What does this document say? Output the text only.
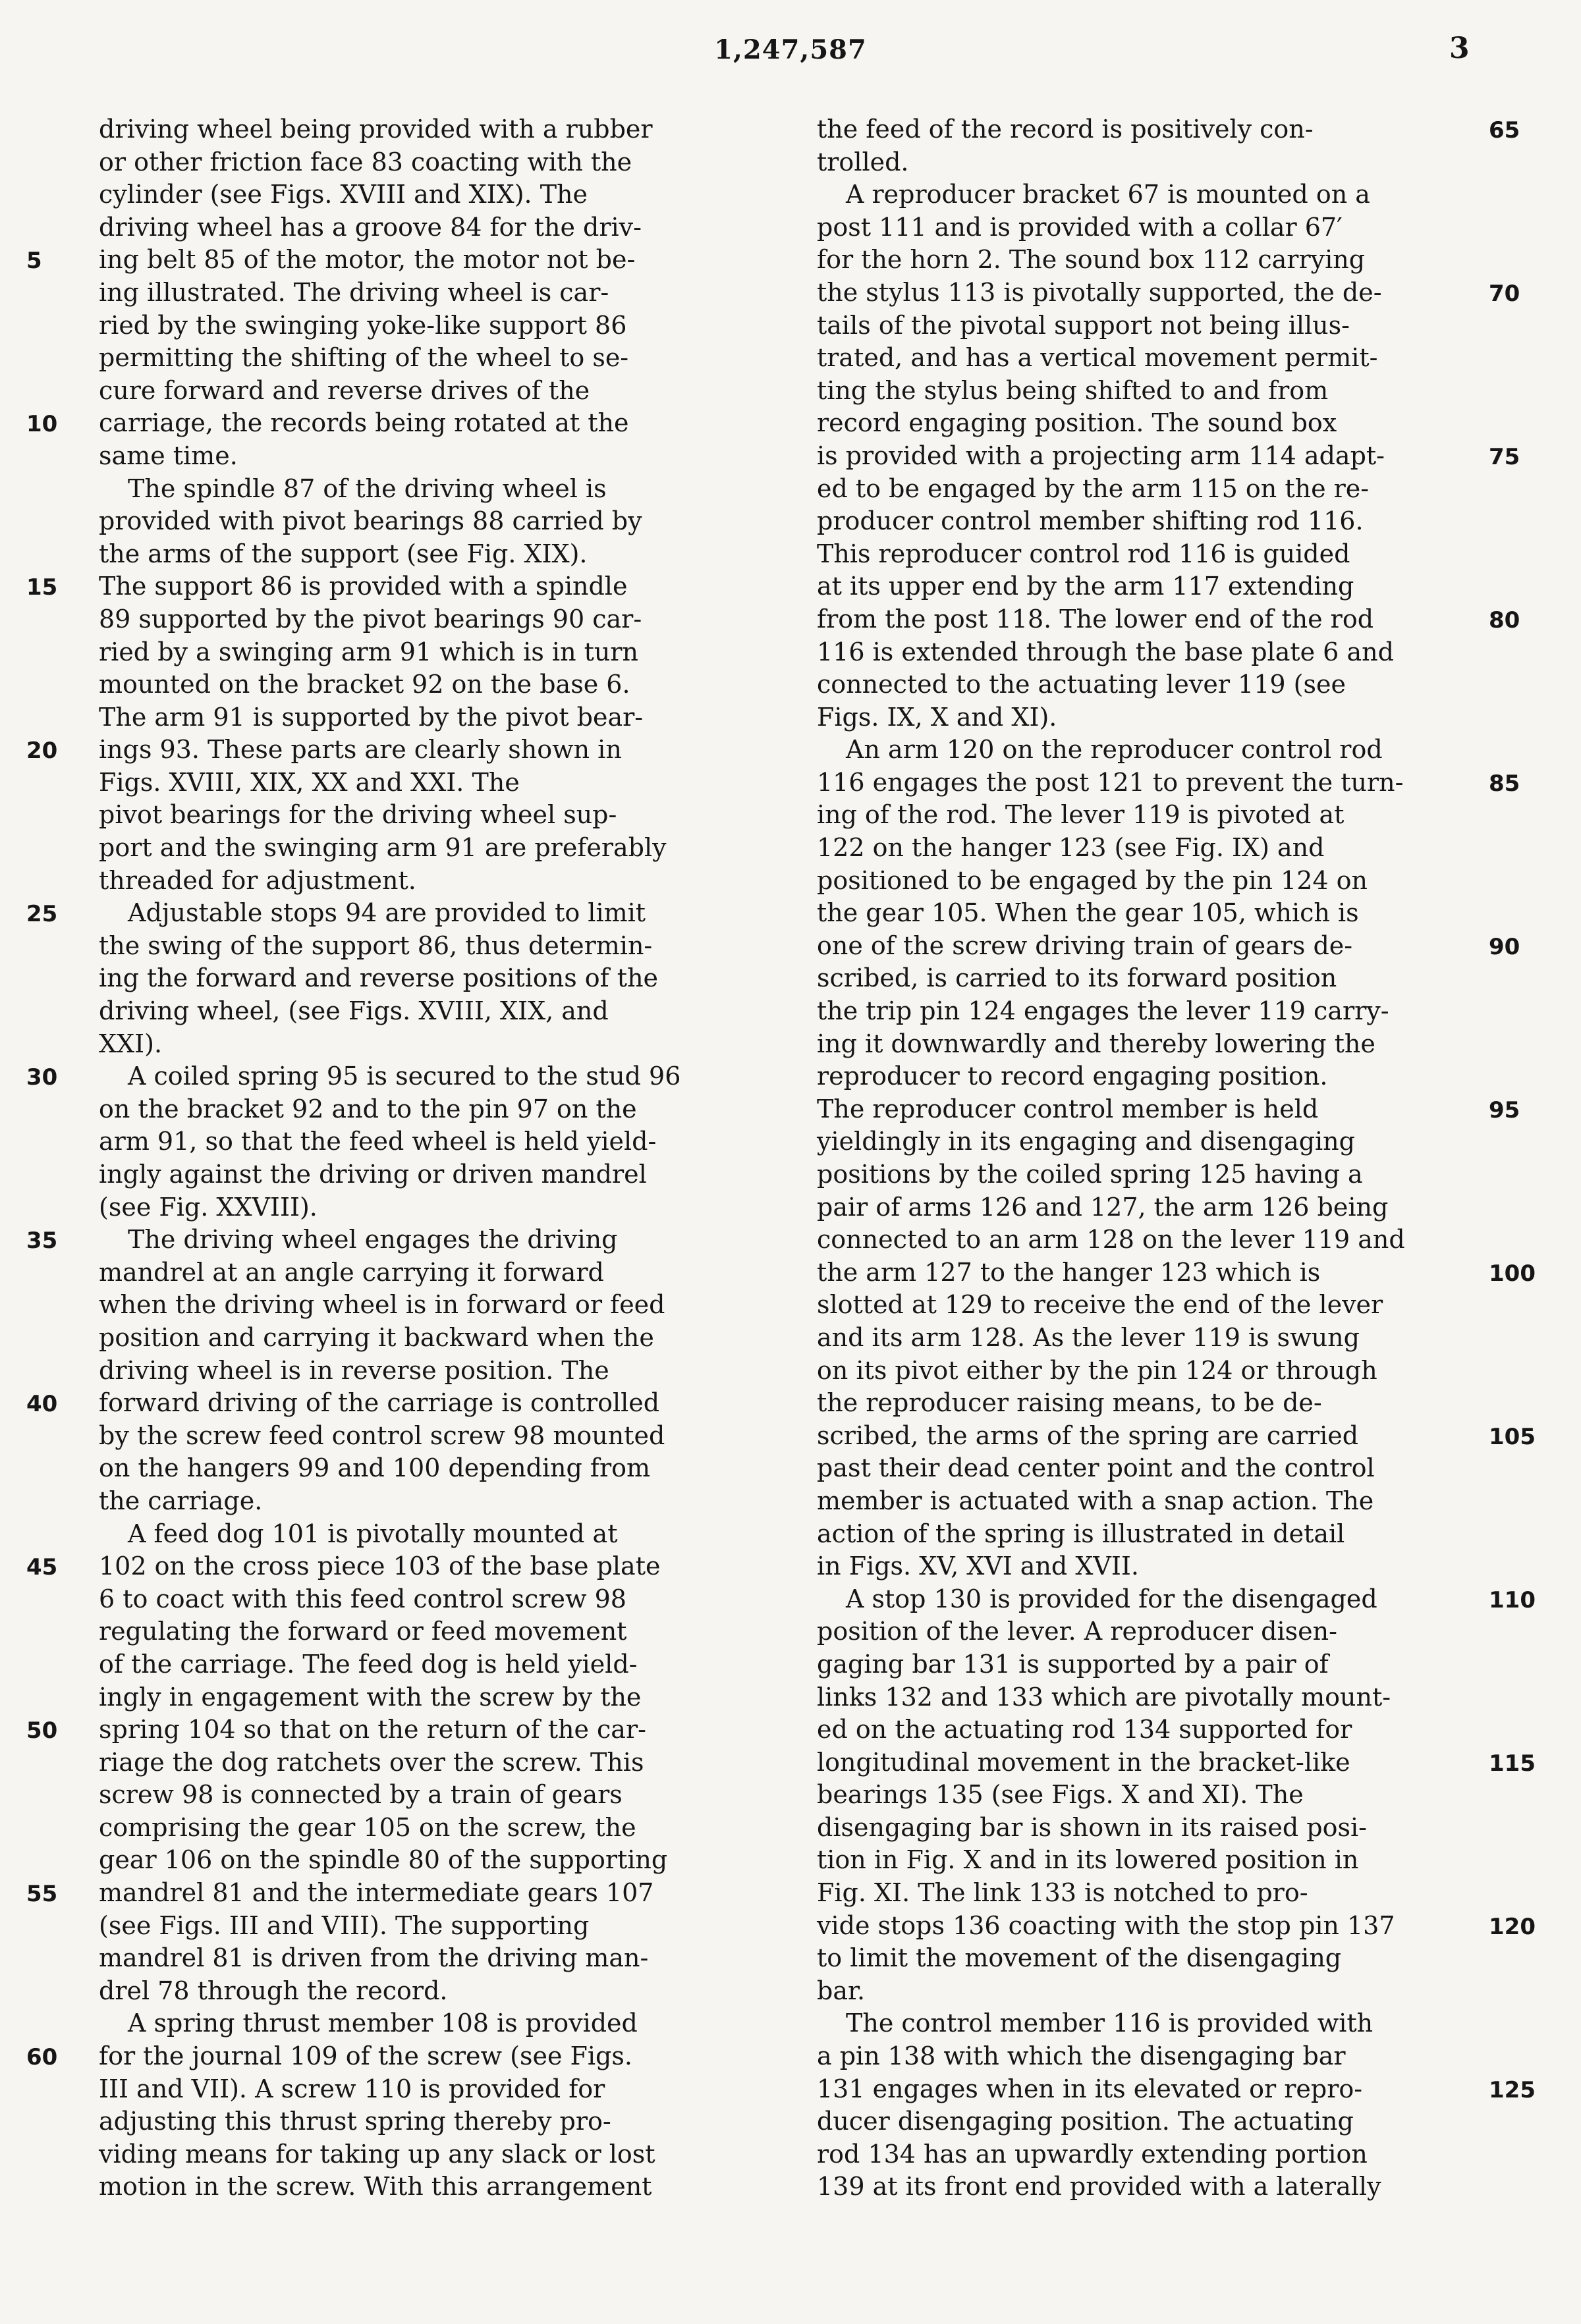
1,247,587	3
driving wheel being provided with a rubber
or other friction face 83 coacting with the
cylinder (see Figs. XVIII and XIX). The
driving wheel has a groove 84 for the driv-
ing belt 85 of the motor, the motor not be-
ing illustrated. The driving wheel is car-
ried by the swinging yoke-like support 86
permitting the shifting of the wheel to se-
cure forward and reverse drives of the
carriage, the records being rotated at the
same time.
The spindle 87 of the driving wheel is
provided with pivot bearings 88 carried by
the arms of the support (see Fig. XIX).
The support 86 is provided with a spindle
89 supported by the pivot bearings 90 car-
ried by a swinging arm 91 which is in turn
mounted on the bracket 92 on the base 6.
The arm 91 is supported by the pivot bear-
ings 93. These parts are clearly shown in
Figs. XVIII, XIX, XX and XXI. The
pivot bearings for the driving wheel sup-
port and the swinging arm 91 are preferably
threaded for adjustment.
Adjustable stops 94 are provided to limit
the swing of the support 86, thus determin-
ing the forward and reverse positions of the
driving wheel, (see Figs. XVIII, XIX, and
XXI).
A coiled spring 95 is secured to the stud 96
on the bracket 92 and to the pin 97 on the
arm 91, so that the feed wheel is held yield-
ingly against the driving or driven mandrel
(see Fig. XXVIII).
The driving wheel engages the driving
mandrel at an angle carrying it forward
when the driving wheel is in forward or feed
position and carrying it backward when the
driving wheel is in reverse position. The
forward driving of the carriage is controlled
by the screw feed control screw 98 mounted
on the hangers 99 and 100 depending from
the carriage.
A feed dog 101 is pivotally mounted at
102 on the cross piece 103 of the base plate
6 to coact with this feed control screw 98
regulating the forward or feed movement
of the carriage. The feed dog is held yield-
ingly in engagement with the screw by the
spring 104 so that on the return of the car-
riage the dog ratchets over the screw. This
screw 98 is connected by a train of gears
comprising the gear 105 on the screw, the
gear 106 on the spindle 80 of the supporting
mandrel 81 and the intermediate gears 107
(see Figs. III and VIII). The supporting
mandrel 81 is driven from the driving man-
drel 78 through the record.
A spring thrust member 108 is provided
for the journal 109 of the screw (see Figs.
III and VII). A screw 110 is provided for
adjusting this thrust spring thereby pro-
viding means for taking up any slack or lost
motion in the screw. With this arrangement
the feed of the record is positively con-
trolled.
A reproducer bracket 67 is mounted on a
post 111 and is provided with a collar 67′
for the horn 2. The sound box 112 carrying
the stylus 113 is pivotally supported, the de-
tails of the pivotal support not being illus-
trated, and has a vertical movement permit-
ting the stylus being shifted to and from
record engaging position. The sound box
is provided with a projecting arm 114 adapt-
ed to be engaged by the arm 115 on the re-
producer control member shifting rod 116.
This reproducer control rod 116 is guided
at its upper end by the arm 117 extending
from the post 118. The lower end of the rod
116 is extended through the base plate 6 and
connected to the actuating lever 119 (see
Figs. IX, X and XI).
An arm 120 on the reproducer control rod
116 engages the post 121 to prevent the turn-
ing of the rod. The lever 119 is pivoted at
122 on the hanger 123 (see Fig. IX) and
positioned to be engaged by the pin 124 on
the gear 105. When the gear 105, which is
one of the screw driving train of gears de-
scribed, is carried to its forward position
the trip pin 124 engages the lever 119 carry-
ing it downwardly and thereby lowering the
reproducer to record engaging position.
The reproducer control member is held
yieldingly in its engaging and disengaging
positions by the coiled spring 125 having a
pair of arms 126 and 127, the arm 126 being
connected to an arm 128 on the lever 119 and
the arm 127 to the hanger 123 which is
slotted at 129 to receive the end of the lever
and its arm 128. As the lever 119 is swung
on its pivot either by the pin 124 or through
the reproducer raising means, to be de-
scribed, the arms of the spring are carried
past their dead center point and the control
member is actuated with a snap action. The
action of the spring is illustrated in detail
in Figs. XV, XVI and XVII.
A stop 130 is provided for the disengaged
position of the lever. A reproducer disen-
gaging bar 131 is supported by a pair of
links 132 and 133 which are pivotally mount-
ed on the actuating rod 134 supported for
longitudinal movement in the bracket-like
bearings 135 (see Figs. X and XI). The
disengaging bar is shown in its raised posi-
tion in Fig. X and in its lowered position in
Fig. XI. The link 133 is notched to pro-
vide stops 136 coacting with the stop pin 137
to limit the movement of the disengaging
bar.
The control member 116 is provided with
a pin 138 with which the disengaging bar
131 engages when in its elevated or repro-
ducer disengaging position. The actuating
rod 134 has an upwardly extending portion
139 at its front end provided with a laterally
5
10
15
20
25
30
35
40
45
50
55
60
65
70
75
80
85
90
95
100
105
110
115
120
125
